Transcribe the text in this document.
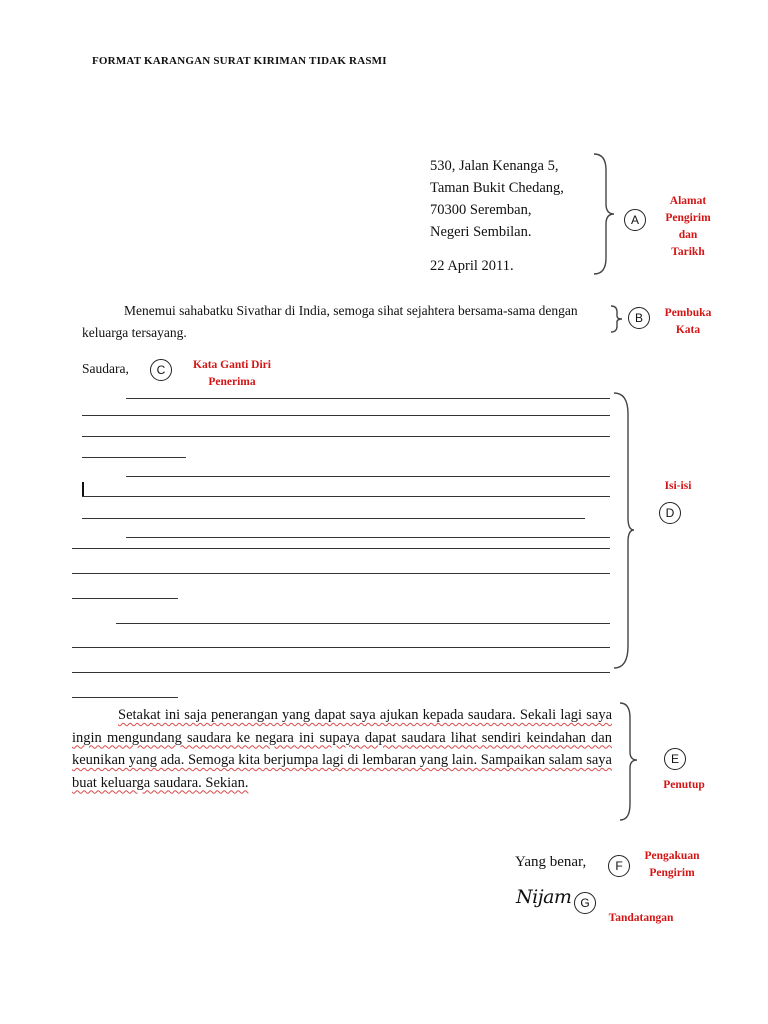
FORMAT KARANGAN SURAT KIRIMAN TIDAK RASMI
530, Jalan Kenanga 5,
Taman Bukit Chedang,
70300 Seremban,
Negeri Sembilan.
22 April 2011.
A
Alamat
Pengirim
dan
Tarikh
Menemui sahabatku Sivathar di India, semoga sihat sejahtera bersama-sama dengan keluarga tersayang.
B	Pembuka
Kata
Saudara,	C	Kata Ganti Diri
Penerima
Isi-isi
D
Setakat ini saja penerangan yang dapat saya ajukan kepada saudara. Sekali lagi saya ingin mengundang saudara ke negara ini supaya dapat saudara lihat sendiri keindahan dan keunikan yang ada. Semoga kita berjumpa lagi di lembaran yang lain. Sampaikan salam saya buat keluarga saudara. Sekian.
E
Penutup
Yang benar,	F
Pengakuan
Pengirim
Nijam G
Tandatangan
